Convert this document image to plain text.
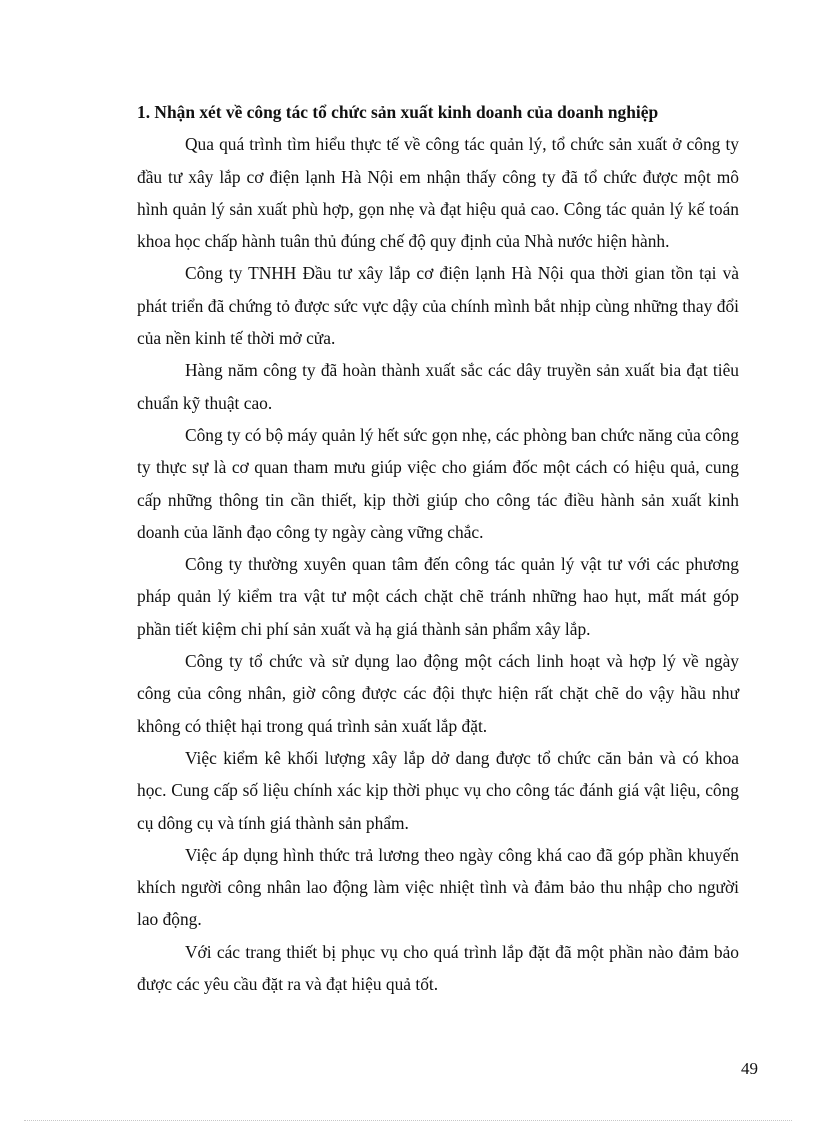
1. Nhận xét về công tác tổ chức sản xuất kinh doanh của doanh nghiệp

Qua quá trình tìm hiểu thực tế về công tác quản lý, tổ chức sản xuất ở công ty đầu tư xây lắp cơ điện lạnh Hà Nội em nhận thấy công ty đã tổ chức được một mô hình quản lý sản xuất phù hợp, gọn nhẹ và đạt hiệu quả cao. Công tác quản lý kế toán khoa học chấp hành tuân thủ đúng chế độ quy định của Nhà nước hiện hành.

Công ty TNHH Đầu tư xây lắp cơ điện lạnh Hà Nội qua thời gian tồn tại và phát triển đã chứng tỏ được sức vực dậy của chính mình bắt nhịp cùng những thay đổi của nền kinh tế thời mở cửa.

Hàng năm công ty đã hoàn thành xuất sắc các dây truyền sản xuất bia đạt tiêu chuẩn kỹ thuật cao.

Công ty có bộ máy quản lý hết sức gọn nhẹ, các phòng ban chức năng của công ty thực sự là cơ quan tham mưu giúp việc cho giám đốc một cách có hiệu quả, cung cấp những thông tin cần thiết, kịp thời giúp cho công tác điều hành sản xuất kinh doanh của lãnh đạo công ty ngày càng vững chắc.

Công ty thường xuyên quan tâm đến công tác quản lý vật tư với các phương pháp quản lý kiểm tra vật tư một cách chặt chẽ tránh những hao hụt, mất mát góp phần tiết kiệm chi phí sản xuất và hạ giá thành sản phẩm xây lắp.

Công ty tổ chức và sử dụng lao động một cách linh hoạt và hợp lý về ngày công của công nhân, giờ công được các đội thực hiện rất chặt chẽ do vậy hầu như không có thiệt hại trong quá trình sản xuất lắp đặt.

Việc kiểm kê khối lượng xây lắp dở dang được tổ chức căn bản và có khoa học. Cung cấp số liệu chính xác kịp thời phục vụ cho công tác đánh giá vật liệu, công cụ dông cụ và tính giá thành sản phẩm.

Việc áp dụng hình thức trả lương theo ngày công khá cao đã góp phần khuyến khích người công nhân lao động làm việc nhiệt tình và đảm bảo thu nhập cho người lao động.

Với các trang thiết bị phục vụ cho quá trình lắp đặt đã một phần nào đảm bảo được các yêu cầu đặt ra và đạt hiệu quả tốt.

49
